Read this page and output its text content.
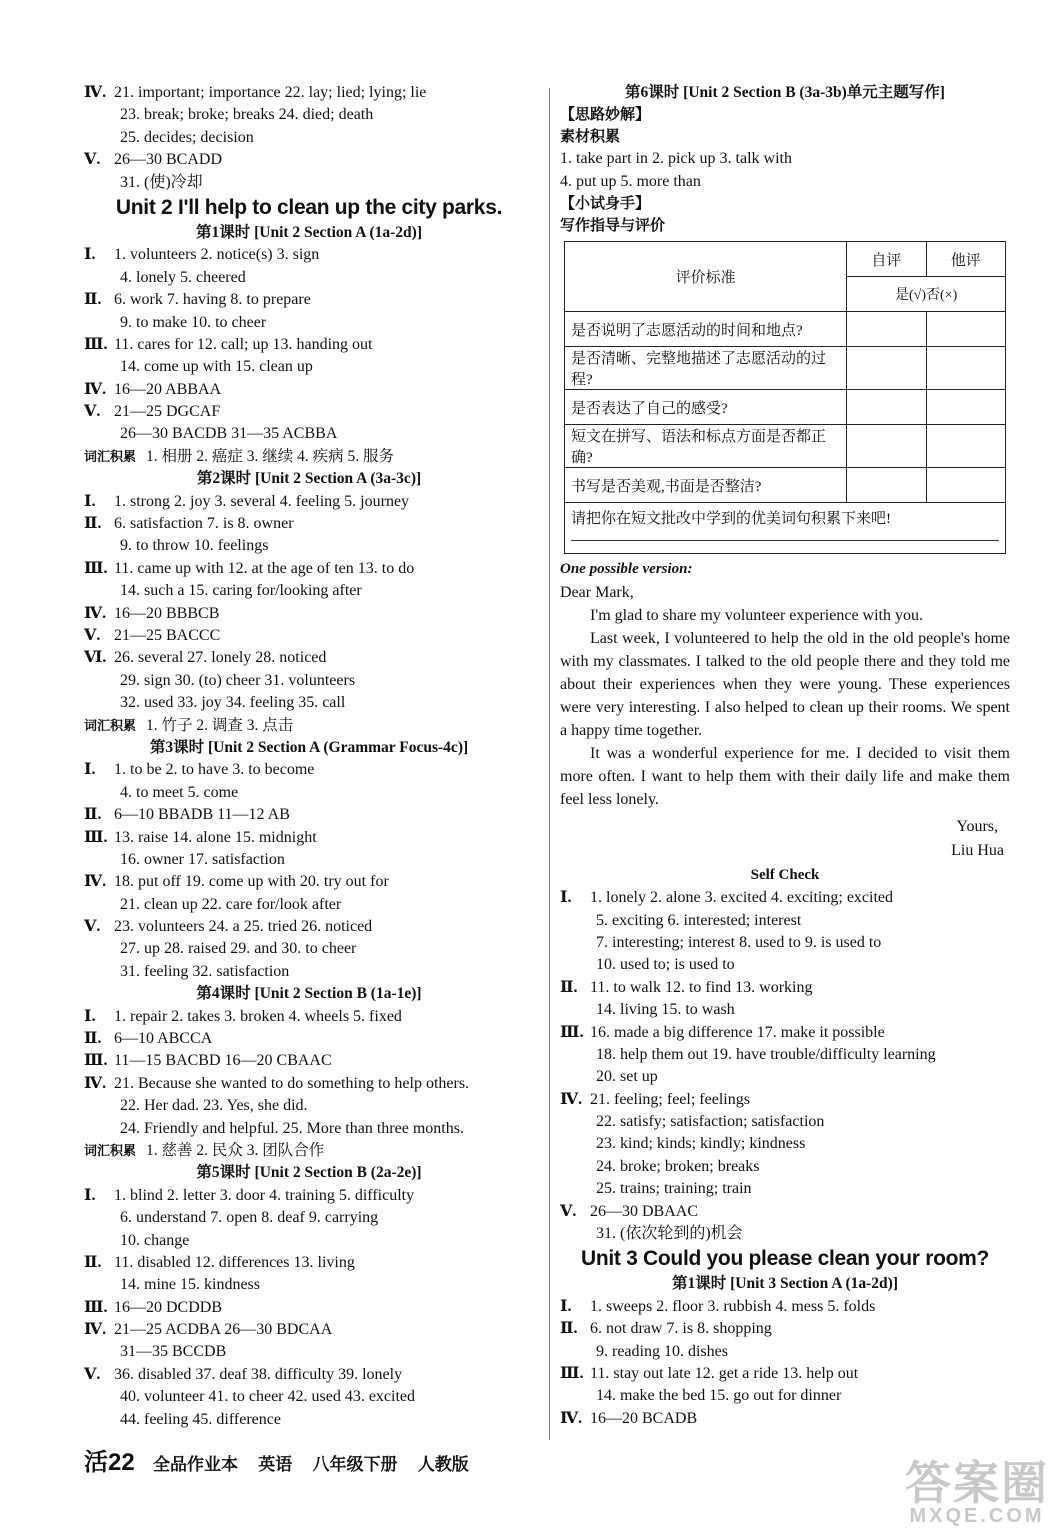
Ⅳ. 21. important; importance 22. lay; lied; lying; lie
23. break; broke; breaks 24. died; death
25. decides; decision
Ⅴ. 26—30 BCADD
31. (使)冷却
Unit 2 I'll help to clean up the city parks.
第1课时 [Unit 2 Section A (1a-2d)]
Ⅰ. 1. volunteers 2. notice(s) 3. sign
4. lonely 5. cheered
Ⅱ. 6. work 7. having 8. to prepare
9. to make 10. to cheer
Ⅲ. 11. cares for 12. call; up 13. handing out
14. come up with 15. clean up
Ⅳ. 16—20 ABBAA
Ⅴ. 21—25 DGCAF
26—30 BACDB 31—35 ACBBA
词汇积累 1. 相册 2. 癌症 3. 继续 4. 疾病 5. 服务
第2课时 [Unit 2 Section A (3a-3c)]
Ⅰ. 1. strong 2. joy 3. several 4. feeling 5. journey
Ⅱ. 6. satisfaction 7. is 8. owner
9. to throw 10. feelings
Ⅲ. 11. came up with 12. at the age of ten 13. to do
14. such a 15. caring for/looking after
Ⅳ. 16—20 BBBCB
Ⅴ. 21—25 BACCC
Ⅵ. 26. several 27. lonely 28. noticed
29. sign 30. (to) cheer 31. volunteers
32. used 33. joy 34. feeling 35. call
词汇积累 1. 竹子 2. 调查 3. 点击
第3课时 [Unit 2 Section A (Grammar Focus-4c)]
Ⅰ. 1. to be 2. to have 3. to become
4. to meet 5. come
Ⅱ. 6—10 BBADB 11—12 AB
Ⅲ. 13. raise 14. alone 15. midnight
16. owner 17. satisfaction
Ⅳ. 18. put off 19. come up with 20. try out for
21. clean up 22. care for/look after
Ⅴ. 23. volunteers 24. a 25. tried 26. noticed
27. up 28. raised 29. and 30. to cheer
31. feeling 32. satisfaction
第4课时 [Unit 2 Section B (1a-1e)]
Ⅰ. 1. repair 2. takes 3. broken 4. wheels 5. fixed
Ⅱ. 6—10 ABCCA
Ⅲ. 11—15 BACBD 16—20 CBAAC
Ⅳ. 21. Because she wanted to do something to help others.
22. Her dad. 23. Yes, she did.
24. Friendly and helpful. 25. More than three months.
词汇积累 1. 慈善 2. 民众 3. 团队合作
第5课时 [Unit 2 Section B (2a-2e)]
Ⅰ. 1. blind 2. letter 3. door 4. training 5. difficulty
6. understand 7. open 8. deaf 9. carrying
10. change
Ⅱ. 11. disabled 12. differences 13. living
14. mine 15. kindness
Ⅲ. 16—20 DCDDB
Ⅳ. 21—25 ACDBA 26—30 BDCAA
31—35 BCCDB
Ⅴ. 36. disabled 37. deaf 38. difficulty 39. lonely
40. volunteer 41. to cheer 42. used 43. excited
44. feeling 45. difference
第6课时 [Unit 2 Section B (3a-3b)单元主题写作]
【思路妙解】
素材积累
1. take part in 2. pick up 3. talk with
4. put up 5. more than
【小试身手】
写作指导与评价
评价标准	自评	他评
	是(√)否(×)	
是否说明了志愿活动的时间和地点?		
是否清晰、完整地描述了志愿活动的过程?		
是否表达了自己的感受?		
短文在拼写、语法和标点方面是否都正确?		
书写是否美观,书面是否整洁?		

请把你在短文批改中学到的优美词句积累下来吧!		
One possible version:
Dear Mark,

I'm glad to share my volunteer experience with you.

Last week, I volunteered to help the old in the old people's home with my classmates. I talked to the old people there and they told me about their experiences when they were young. These experiences were very interesting. I also helped to clean up their rooms. We spent a happy time together.

It was a wonderful experience for me. I decided to visit them more often. I want to help them with their daily life and make them feel less lonely.

Yours,
Liu Hua
Self Check
Ⅰ. 1. lonely 2. alone 3. excited 4. exciting; excited
5. exciting 6. interested; interest
7. interesting; interest 8. used to 9. is used to
10. used to; is used to
Ⅱ. 11. to walk 12. to find 13. working
14. living 15. to wash
Ⅲ. 16. made a big difference 17. make it possible
18. help them out 19. have trouble/difficulty learning
20. set up
Ⅳ. 21. feeling; feel; feelings
22. satisfy; satisfaction; satisfaction
23. kind; kinds; kindly; kindness
24. broke; broken; breaks
25. trains; training; train
Ⅴ. 26—30 DBAAC
31. (依次轮到的)机会
Unit 3 Could you please clean your room?
第1课时 [Unit 3 Section A (1a-2d)]
Ⅰ. 1. sweeps 2. floor 3. rubbish 4. mess 5. folds
Ⅱ. 6. not draw 7. is 8. shopping
9. reading 10. dishes
Ⅲ. 11. stay out late 12. get a ride 13. help out
14. make the bed 15. go out for dinner
Ⅳ. 16—20 BCADB
活22 全品作业本 英语 八年级下册 人教版	答案圈
MXQE.COM
